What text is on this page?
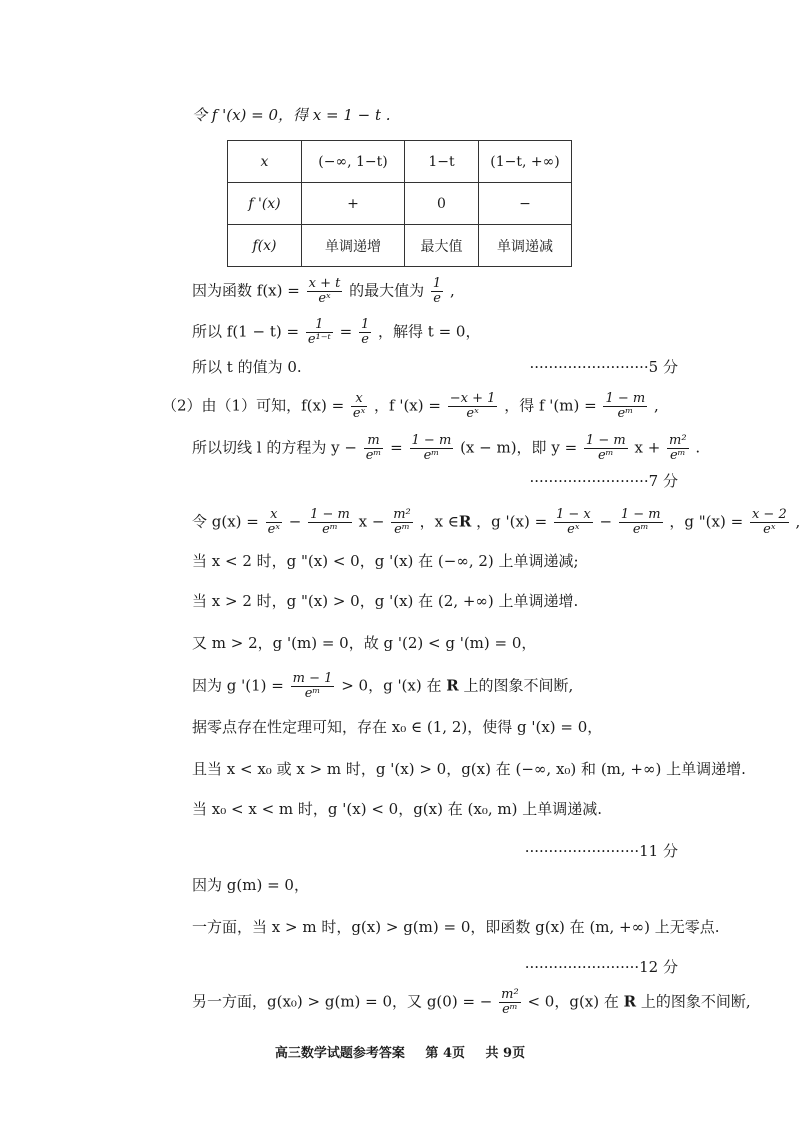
令 f '(x) = 0，得 x = 1 − t .
x	(−∞, 1−t)	1−t	(1−t, +∞)
f '(x)	+	0	−
f(x)	单调递增	最大值	单调递减
因为函数 $f(x) = \frac{x + t}{\text{eˣ}}$ 的最大值为 $\frac{1}{e}$ ,
所以 $f(1 - t) = \frac{1}{\text{e¹⁻ᵗ}} = \frac{1}{e}$ ，解得 t = 0，
所以 t 的值为 0.	·························5 分
（2）由（1）可知，$f(x) = \frac{x}{\text{eˣ}}$ ，f '$(x) = \frac{-x + 1}{\text{eˣ}}$ ，得 f '$(m) = \frac{1 - m}{\text{eᵐ}}$ ,
所以切线 l 的方程为 $y - \frac{m}{\text{eᵐ}} = \frac{1 - m}{\text{eᵐ}} (x - m)$，即 $y = \frac{1 - m}{\text{eᵐ}}$ $x + \frac{\text{m²}}{\text{eᵐ}}$ .
·························7 分
令 $g(x) = \frac{x}{\text{eˣ}} - \frac{1 - m}{\text{eᵐ}}$ $x - \frac{\text{m²}}{\text{eᵐ}}$ ，x ∈R ，g '$(x) = \frac{1 - x}{\text{eˣ}} - \frac{1 - m}{\text{eᵐ}}$ ，g "$(x) = \frac{x - 2}{\text{eˣ}}$ ,
当 x < 2 时，g "(x) < 0，g '(x) 在 (−∞, 2) 上单调递减;
当 x > 2 时，g "(x) > 0，g '(x) 在 (2, +∞) 上单调递增.
又 m > 2，g '(m) = 0，故 g '(2) < g '(m) = 0，
因为 g '$(1) = \frac{m - 1}{\text{eᵐ}} > 0$，g '(x) 在 R 上的图象不间断,
据零点存在性定理可知，存在 x₀ ∈ (1, 2)，使得 g '(x) = 0，
且当 x < x₀ 或 x > m 时，g '(x) > 0，g(x) 在 (−∞, x₀) 和 (m, +∞) 上单调递增.
当 x₀ < x < m 时，g '(x) < 0，g(x) 在 (x₀, m) 上单调递减.
························11 分
因为 g(m) = 0，
一方面，当 x > m 时，g(x) > g(m) = 0，即函数 g(x) 在 (m, +∞) 上无零点.
························12 分
另一方面，g(x₀) > g(m) = 0，又 g(0) = − $\frac{\text{m²}}{\text{eᵐ}} < 0$，g(x) 在 R 上的图象不间断,
高三数学试题参考答案 第 4页 共 9页
